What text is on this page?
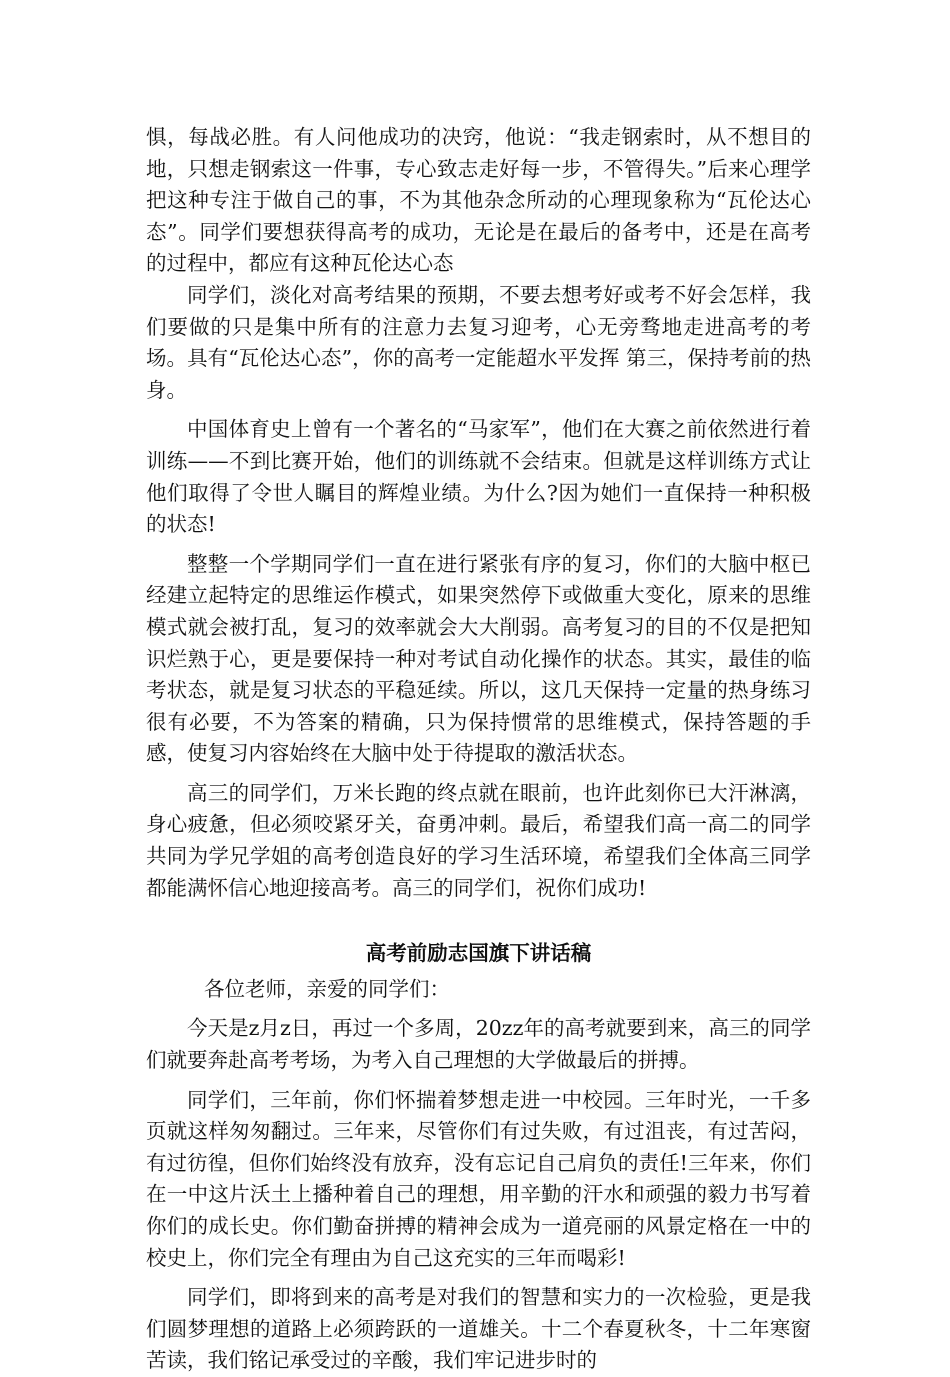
惧，每战必胜。有人问他成功的决窍，他说：“我走钢索时，从不想目的地，只想走钢索这一件事，专心致志走好每一步，不管得失。”后来心理学把这种专注于做自己的事，不为其他杂念所动的心理现象称为“瓦伦达心态”。同学们要想获得高考的成功，无论是在最后的备考中，还是在高考的过程中，都应有这种瓦伦达心态

同学们，淡化对高考结果的预期，不要去想考好或考不好会怎样，我们要做的只是集中所有的注意力去复习迎考，心无旁骛地走进高考的考场。具有“瓦伦达心态”，你的高考一定能超水平发挥 第三，保持考前的热身。

中国体育史上曾有一个著名的“马家军”，他们在大赛之前依然进行着训练——不到比赛开始，他们的训练就不会结束。但就是这样训练方式让他们取得了令世人瞩目的辉煌业绩。为什么?因为她们一直保持一种积极的状态!

整整一个学期同学们一直在进行紧张有序的复习，你们的大脑中枢已经建立起特定的思维运作模式，如果突然停下或做重大变化，原来的思维模式就会被打乱，复习的效率就会大大削弱。高考复习的目的不仅是把知识烂熟于心，更是要保持一种对考试自动化操作的状态。其实，最佳的临考状态，就是复习状态的平稳延续。所以，这几天保持一定量的热身练习很有必要，不为答案的精确，只为保持惯常的思维模式，保持答题的手感，使复习内容始终在大脑中处于待提取的激活状态。

高三的同学们，万米长跑的终点就在眼前，也许此刻你已大汗淋漓，身心疲惫，但必须咬紧牙关，奋勇冲刺。最后，希望我们高一高二的同学共同为学兄学姐的高考创造良好的学习生活环境，希望我们全体高三同学都能满怀信心地迎接高考。高三的同学们，祝你们成功!

高考前励志国旗下讲话稿

各位老师，亲爱的同学们：

今天是z月z日，再过一个多周，20zz年的高考就要到来，高三的同学们就要奔赴高考考场，为考入自己理想的大学做最后的拼搏。

同学们，三年前，你们怀揣着梦想走进一中校园。三年时光，一千多页就这样匆匆翻过。三年来，尽管你们有过失败，有过沮丧，有过苦闷，有过彷徨，但你们始终没有放弃，没有忘记自己肩负的责任!三年来，你们在一中这片沃土上播种着自己的理想，用辛勤的汗水和顽强的毅力书写着你们的成长史。你们勤奋拼搏的精神会成为一道亮丽的风景定格在一中的校史上，你们完全有理由为自己这充实的三年而喝彩!

同学们，即将到来的高考是对我们的智慧和实力的一次检验，更是我们圆梦理想的道路上必须跨跃的一道雄关。十二个春夏秋冬，十二年寒窗苦读，我们铭记承受过的辛酸，我们牢记进步时的
